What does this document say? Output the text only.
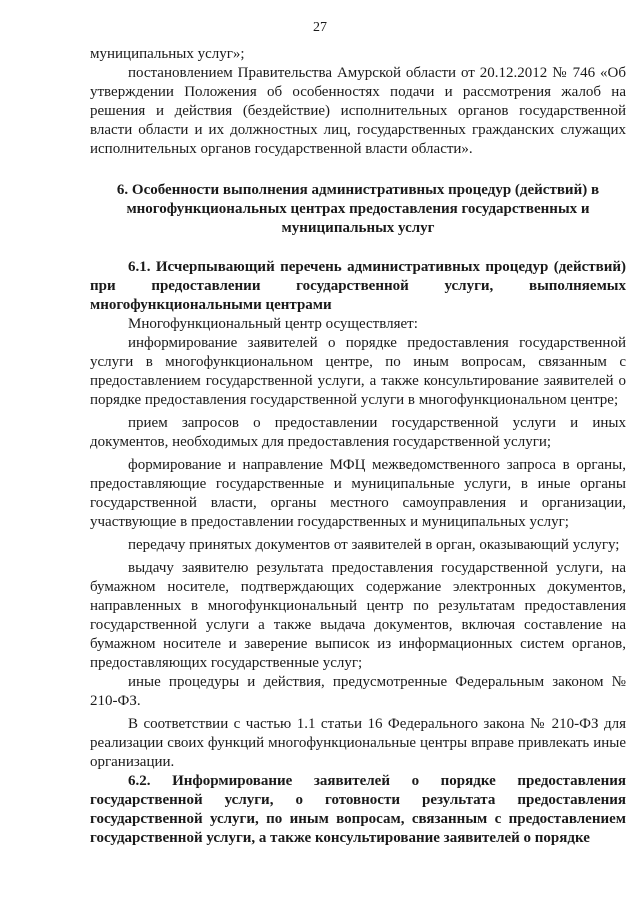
27

муниципальных услуг»;

постановлением Правительства Амурской области от 20.12.2012 № 746 «Об утверждении Положения об особенностях подачи и рассмотрения жалоб на решения и действия (бездействие) исполнительных органов государственной власти области и их должностных лиц, государственных гражданских служащих исполнительных органов государственной власти области».

6. Особенности выполнения административных процедур (действий) в многофункциональных центрах предоставления государственных и муниципальных услуг

6.1. Исчерпывающий перечень административных процедур (действий) при предоставлении государственной услуги, выполняемых многофункциональными центрами

Многофункциональный центр осуществляет:

информирование заявителей о порядке предоставления государственной услуги в многофункциональном центре, по иным вопросам, связанным с предоставлением государственной услуги, а также консультирование заявителей о порядке предоставления государственной услуги в многофункциональном центре;

прием запросов о предоставлении государственной услуги и иных документов, необходимых для предоставления государственной услуги;

формирование и направление МФЦ межведомственного запроса в органы, предоставляющие государственные и муниципальные услуги, в иные органы государственной власти, органы местного самоуправления и организации, участвующие в предоставлении государственных и муниципальных услуг;

передачу принятых документов от заявителей в орган, оказывающий услугу;

выдачу заявителю результата предоставления государственной услуги, на бумажном носителе, подтверждающих содержание электронных документов, направленных в многофункциональный центр по результатам предоставления государственной услуги а также выдача документов, включая составление на бумажном носителе и заверение выписок из информационных систем органов, предоставляющих государственные услуг;

иные процедуры и действия, предусмотренные Федеральным законом № 210-ФЗ.

В соответствии с частью 1.1 статьи 16 Федерального закона № 210-ФЗ для реализации своих функций многофункциональные центры вправе привлекать иные организации.

6.2. Информирование заявителей о порядке предоставления государственной услуги, о готовности результата предоставления государственной услуги, по иным вопросам, связанным с предоставлением государственной услуги, а также консультирование заявителей о порядке
